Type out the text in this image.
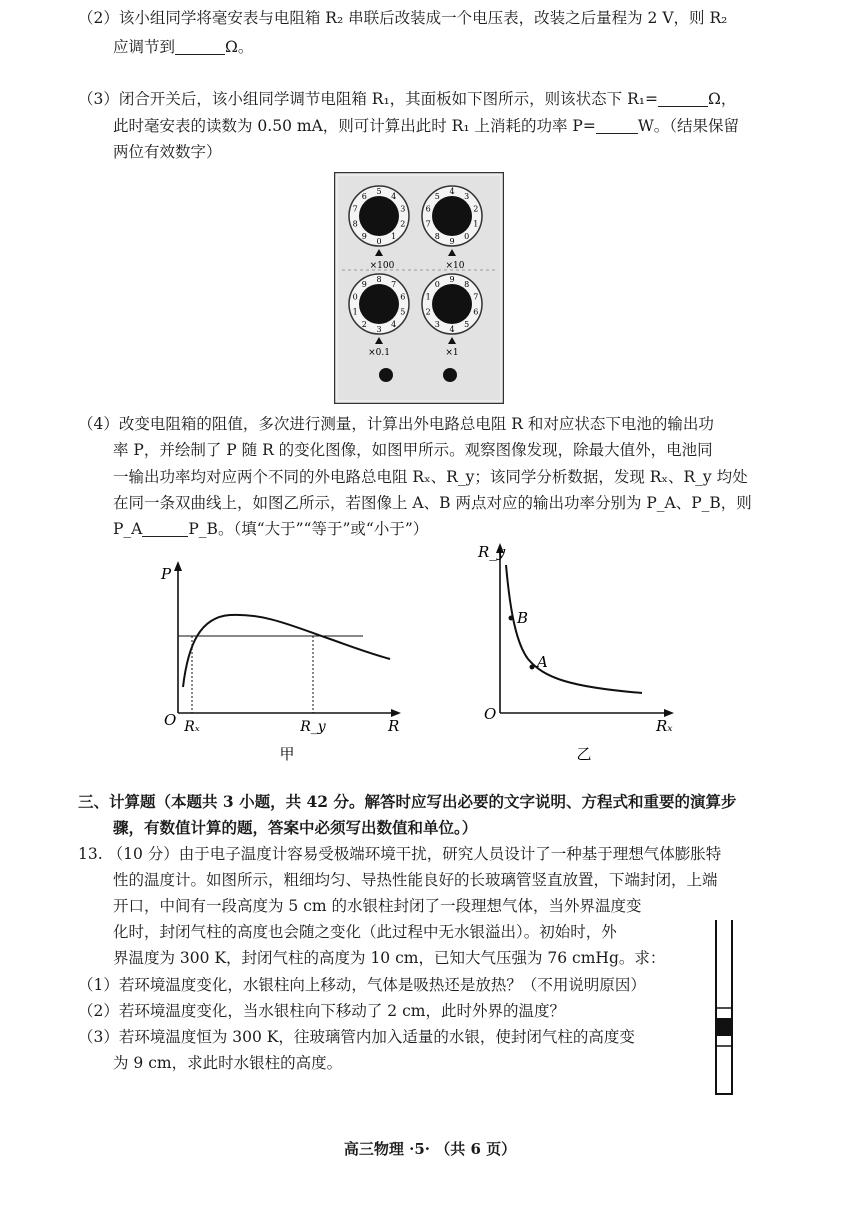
（2）该小组同学将毫安表与电阻箱 R₂ 串联后改装成一个电压表，改装之后量程为 2 V，则 R₂
应调节到	Ω。
（3）闭合开关后，该小组同学调节电阻箱 R₁，其面板如下图所示，则该状态下 R₁=	Ω，
此时毫安表的读数为 0.50 mA，则可计算出此时 R₁ 上消耗的功率 P=	W。（结果保留
两位有效数字）
0
1
2
3
4
5
6
7
8
9
×100
0
1
2
3
4
5
6
7
8
9
×10
0
1
2
3
4
5
6
7
8
9
×0.1
0
1
2
3
4
5
6
7
8
9
×1
（4）改变电阻箱的阻值，多次进行测量，计算出外电路总电阻 R 和对应状态下电池的输出功
率 P，并绘制了 P 随 R 的变化图像，如图甲所示。观察图像发现，除最大值外，电池同
一输出功率均对应两个不同的外电路总电阻 Rₓ、R_y；该同学分析数据，发现 Rₓ、R_y 均处
在同一条双曲线上，如图乙所示，若图像上 A、B 两点对应的输出功率分别为 P_A、P_B，则
P_A	P_B。（填“大于”“等于”或“小于”）
P
O Rₓ	R_y	R
甲
B
A
R_y
O
Rₓ
乙
三、计算题（本题共 3 小题，共 42 分。解答时应写出必要的文字说明、方程式和重要的演算步
骤，有数值计算的题，答案中必须写出数值和单位。）
13. （10 分）由于电子温度计容易受极端环境干扰，研究人员设计了一种基于理想气体膨胀特
性的温度计。如图所示，粗细均匀、导热性能良好的长玻璃管竖直放置，下端封闭，上端
开口，中间有一段高度为 5 cm 的水银柱封闭了一段理想气体，当外界温度变
化时，封闭气柱的高度也会随之变化（此过程中无水银溢出）。初始时，外
界温度为 300 K，封闭气柱的高度为 10 cm，已知大气压强为 76 cmHg。求：
（1）若环境温度变化，水银柱向上移动，气体是吸热还是放热？（不用说明原因）
（2）若环境温度变化，当水银柱向下移动了 2 cm，此时外界的温度？
（3）若环境温度恒为 300 K，往玻璃管内加入适量的水银，使封闭气柱的高度变
为 9 cm，求此时水银柱的高度。
高三物理 ·5· （共 6 页）
